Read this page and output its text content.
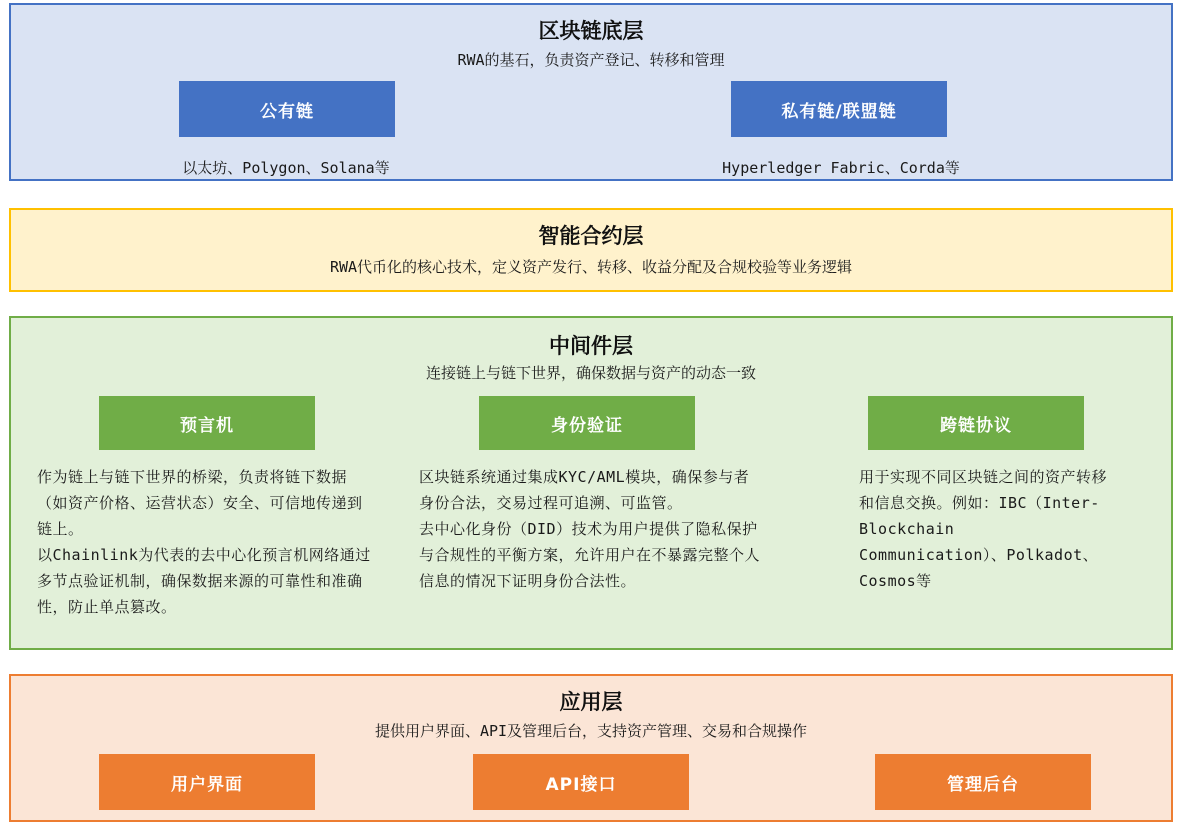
区块链底层
RWA的基石，负责资产登记、转移和管理
公有链	私有链/联盟链
以太坊、Polygon、Solana等	Hyperledger Fabric、Corda等
智能合约层
RWA代币化的核心技术，定义资产发行、转移、收益分配及合规校验等业务逻辑
中间件层
连接链上与链下世界，确保数据与资产的动态一致
预言机	身份验证	跨链协议

作为链上与链下世界的桥梁，负责将链下数据（如资产价格、运营状态）安全、可信地传递到链上。

以Chainlink为代表的去中心化预言机网络通过多节点验证机制，确保数据来源的可靠性和准确性，防止单点篡改。

区块链系统通过集成KYC/AML模块，确保参与者身份合法，交易过程可追溯、可监管。

去中心化身份（DID）技术为用户提供了隐私保护与合规性的平衡方案，允许用户在不暴露完整个人信息的情况下证明身份合法性。

用于实现不同区块链之间的资产转移和信息交换。例如：IBC（Inter-Blockchain Communication）、Polkadot、Cosmos等

应用层
提供用户界面、API及管理后台，支持资产管理、交易和合规操作
用户界面	API接口	管理后台
